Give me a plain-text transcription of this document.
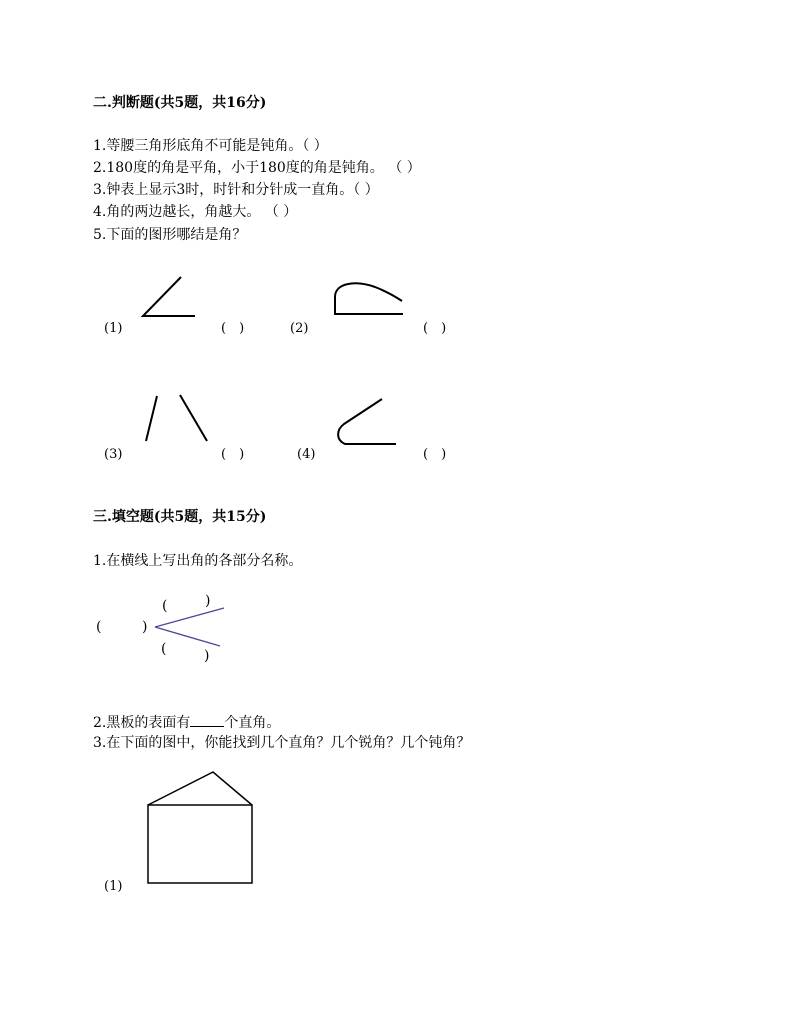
二.判断题(共5题，共16分)
1.等腰三角形底角不可能是钝角。（ ）
2.180度的角是平角，小于180度的角是钝角。 （ ）
3.钟表上显示3时，时针和分针成一直角。（ ）
4.角的两边越长，角越大。 （ ）
5.下面的图形哪结是角？
(1)	(　)	(2)	(　)
(3)	(　)	(4)	(　)
三.填空题(共5题，共15分)
1.在横线上写出角的各部分名称。
(	)
(	)
(	)
2.黑板的表面有 个直角。
3.在下面的图中，你能找到几个直角？几个锐角？几个钝角？
(1)
